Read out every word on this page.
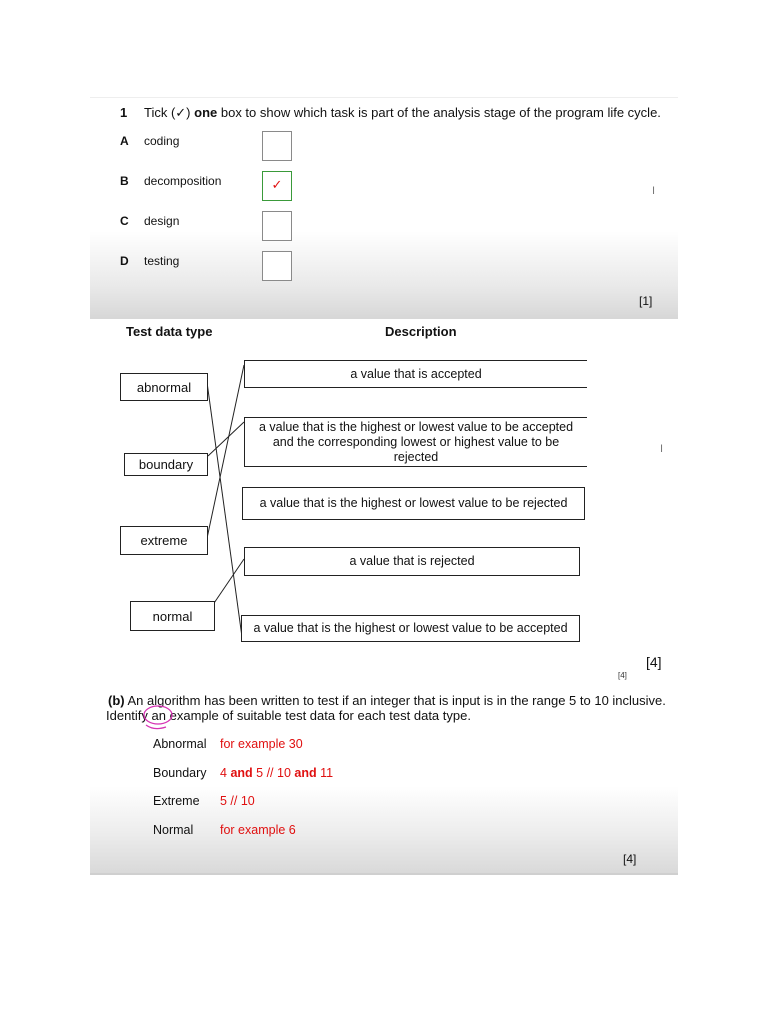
1 Tick (✓) one box to show which task is part of the analysis stage of the program life cycle.
A coding
B decomposition	✓
C design
D testing
I
[1]
Test data type	Description
abnormal
boundary
extreme
normal
a value that is accepted
a value that is the highest or lowest value to be accepted and the corresponding lowest or highest value to be rejected
a value that is the highest or lowest value to be rejected
a value that is rejected
a value that is the highest or lowest value to be accepted
I
[4]
[4]
(b) An algorithm has been written to test if an integer that is input is in the range 5 to 10 inclusive.
Identify an example of suitable test data for each test data type.
Abnormal for example 30
Boundary 4 and 5 // 10 and 11
Extreme 5 // 10
Normal for example 6
[4]
